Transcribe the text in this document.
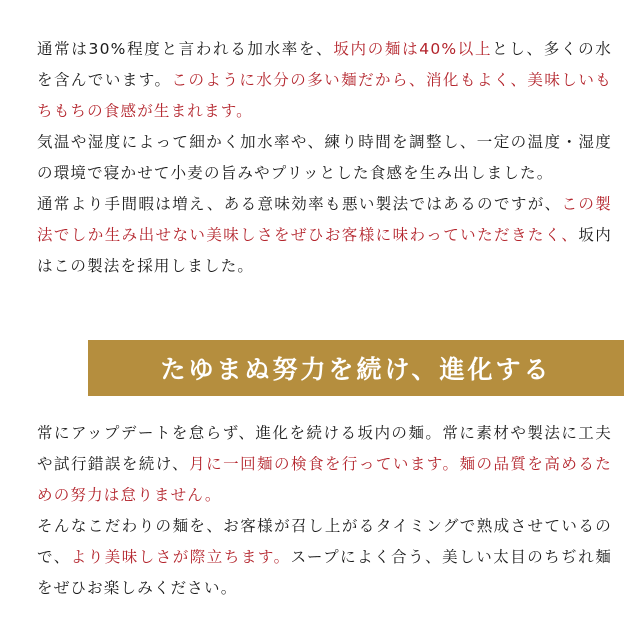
通常は30%程度と言われる加水率を、坂内の麺は40%以上とし、多くの水を含んでいます。このように水分の多い麺だから、消化もよく、美味しいもちもちの食感が生まれます。

気温や湿度によって細かく加水率や、練り時間を調整し、一定の温度・湿度の環境で寝かせて小麦の旨みやプリッとした食感を生み出しました。

通常より手間暇は増え、ある意味効率も悪い製法ではあるのですが、この製法でしか生み出せない美味しさをぜひお客様に味わっていただきたく、坂内はこの製法を採用しました。

たゆまぬ努力を続け、進化する

常にアップデートを怠らず、進化を続ける坂内の麺。常に素材や製法に工夫や試行錯誤を続け、月に一回麺の検食を行っています。麺の品質を高めるための努力は怠りません。

そんなこだわりの麺を、お客様が召し上がるタイミングで熟成させているので、より美味しさが際立ちます。スープによく合う、美しい太目のちぢれ麺をぜひお楽しみください。
